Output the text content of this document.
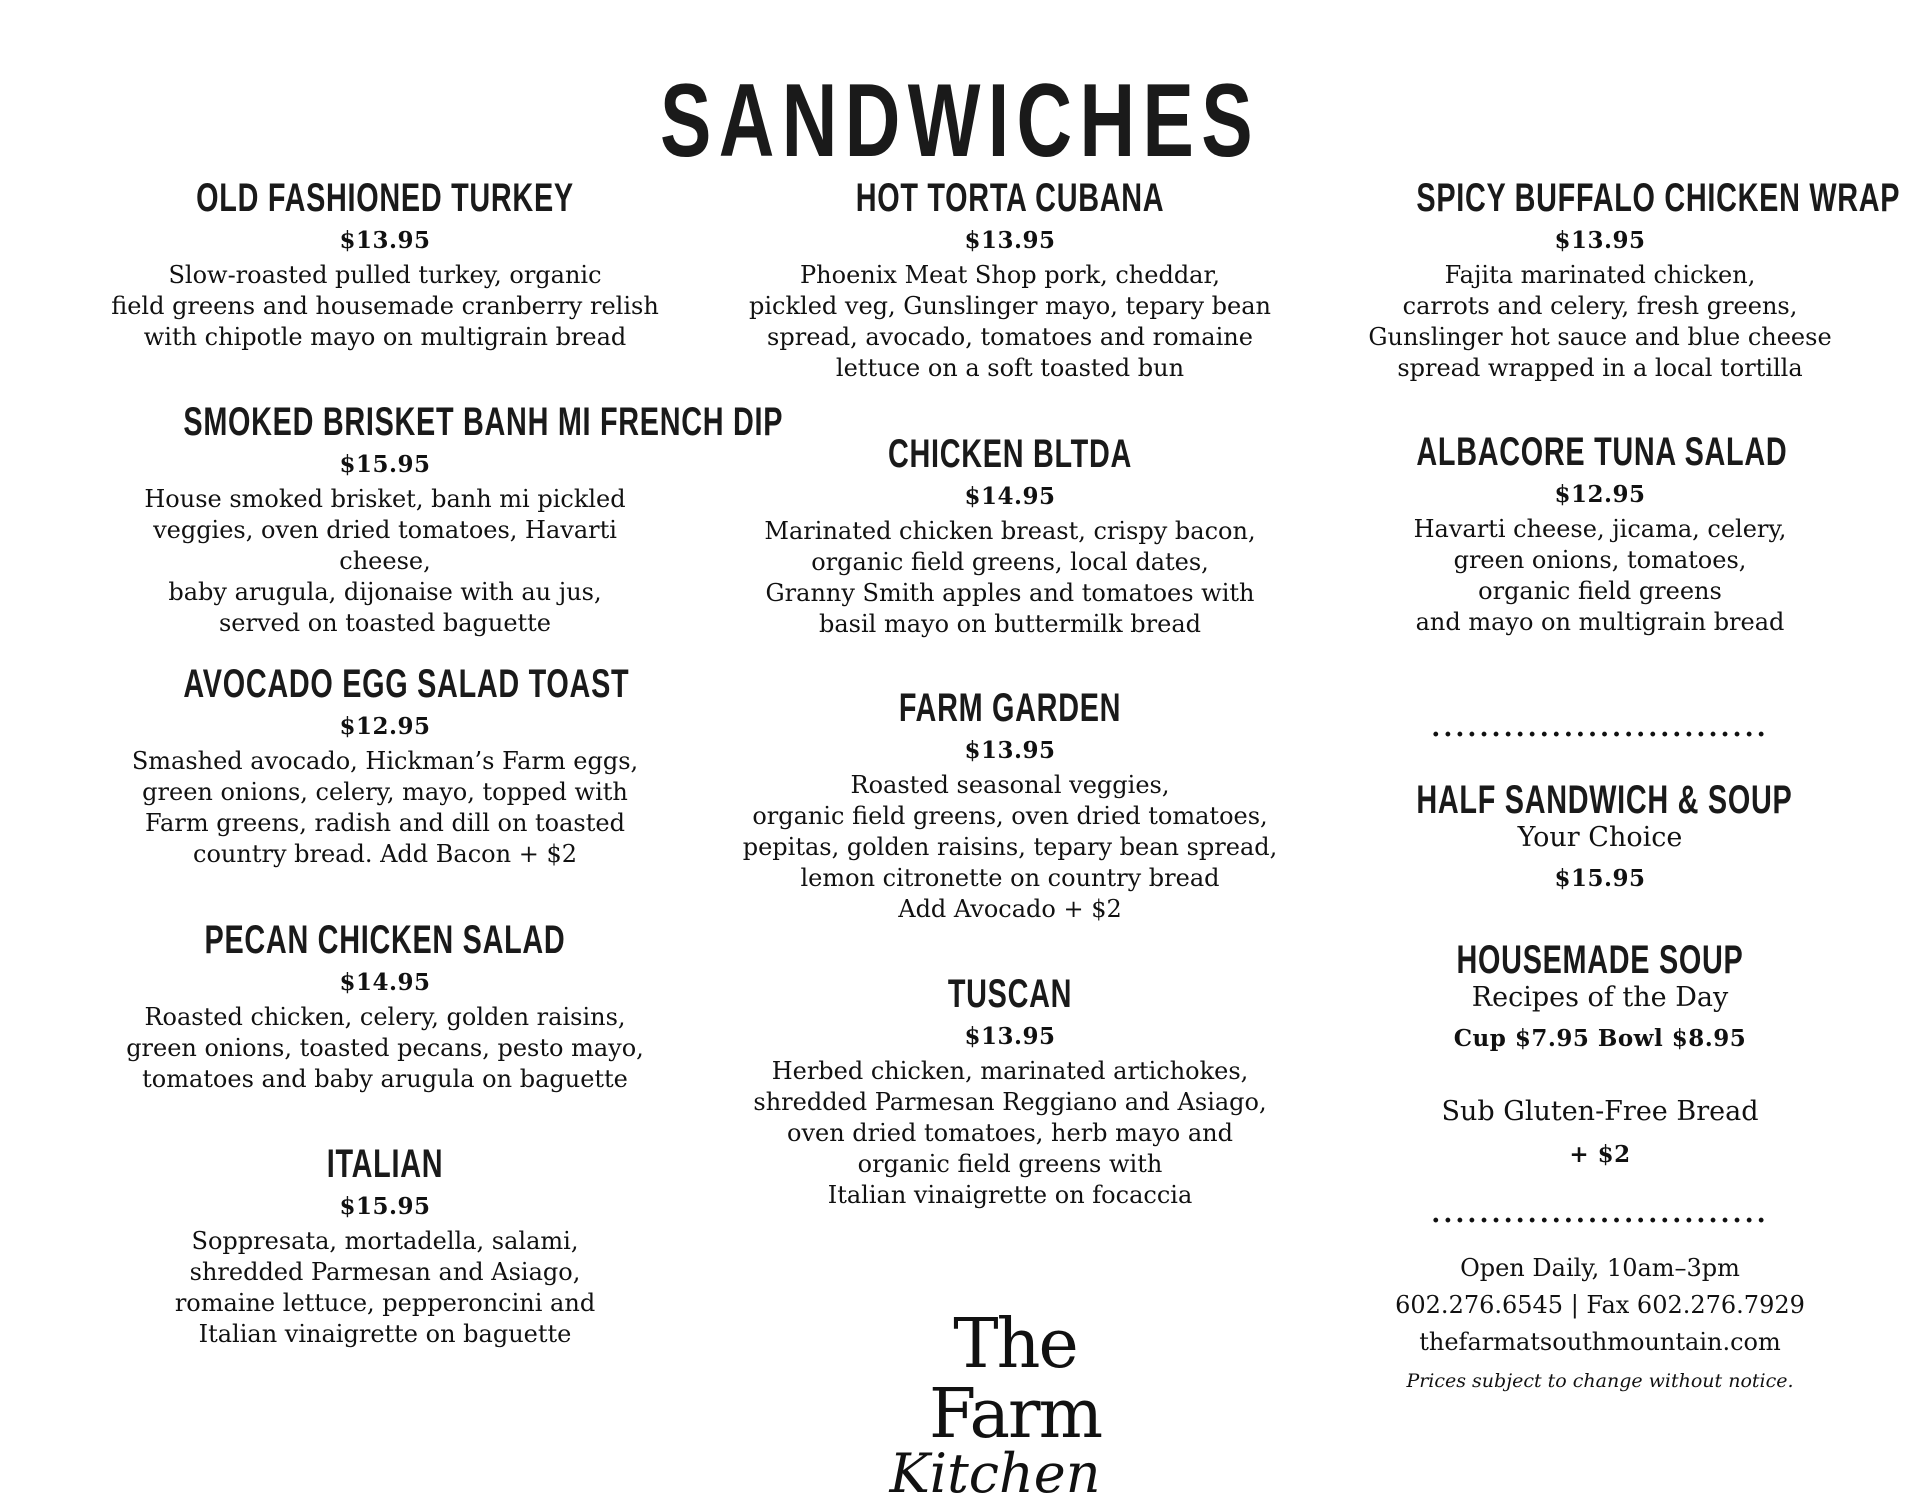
SANDWICHES
OLD FASHIONED TURKEY
$13.95
Slow-roasted pulled turkey, organic
field greens and housemade cranberry relish
with chipotle mayo on multigrain bread
SMOKED BRISKET BANH MI FRENCH DIP
$15.95
House smoked brisket, banh mi pickled
veggies, oven dried tomatoes, Havarti cheese,
baby arugula, dijonaise with au jus,
served on toasted baguette
AVOCADO EGG SALAD TOAST
$12.95
Smashed avocado, Hickman’s Farm eggs,
green onions, celery, mayo, topped with
Farm greens, radish and dill on toasted
country bread. Add Bacon + $2
PECAN CHICKEN SALAD
$14.95
Roasted chicken, celery, golden raisins,
green onions, toasted pecans, pesto mayo,
tomatoes and baby arugula on baguette
ITALIAN
$15.95
Soppresata, mortadella, salami,
shredded Parmesan and Asiago,
romaine lettuce, pepperoncini and
Italian vinaigrette on baguette
HOT TORTA CUBANA
$13.95
Phoenix Meat Shop pork, cheddar,
pickled veg, Gunslinger mayo, tepary bean
spread, avocado, tomatoes and romaine
lettuce on a soft toasted bun
CHICKEN BLTDA
$14.95
Marinated chicken breast, crispy bacon,
organic field greens, local dates,
Granny Smith apples and tomatoes with
basil mayo on buttermilk bread
FARM GARDEN
$13.95
Roasted seasonal veggies,
organic field greens, oven dried tomatoes,
pepitas, golden raisins, tepary bean spread,
lemon citronette on country bread
Add Avocado + $2
TUSCAN
$13.95
Herbed chicken, marinated artichokes,
shredded Parmesan Reggiano and Asiago,
oven dried tomatoes, herb mayo and
organic field greens with
Italian vinaigrette on focaccia
The Farm
Kitchen
SPICY BUFFALO CHICKEN WRAP
$13.95
Fajita marinated chicken,
carrots and celery, fresh greens,
Gunslinger hot sauce and blue cheese
spread wrapped in a local tortilla
ALBACORE TUNA SALAD
$12.95
Havarti cheese, jicama, celery,
green onions, tomatoes,
organic field greens
and mayo on multigrain bread
............................
HALF SANDWICH & SOUP
Your Choice
$15.95
HOUSEMADE SOUP
Recipes of the Day
Cup $7.95 Bowl $8.95
Sub Gluten-Free Bread
+ $2
............................
Open Daily, 10am–3pm
602.276.6545 | Fax 602.276.7929
thefarmatsouthmountain.com
Prices subject to change without notice.
